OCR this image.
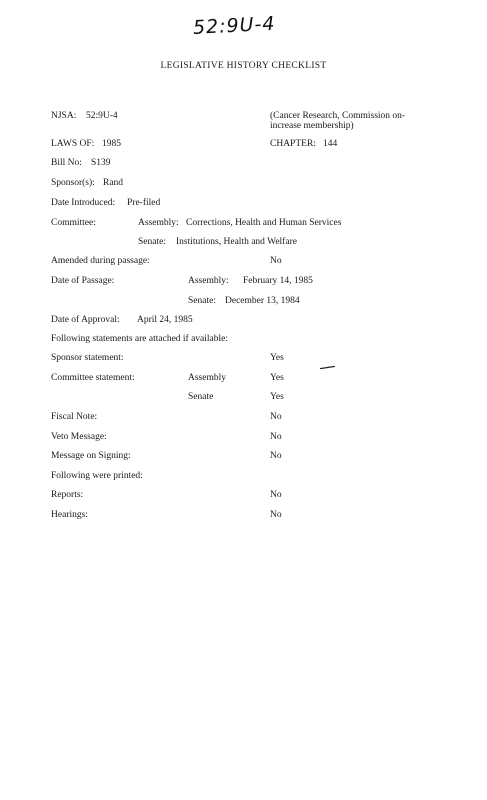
52:9U-4
LEGISLATIVE HISTORY CHECKLIST
NJSA: 52:9U-4	(Cancer Research, Commission on-
increase membership)
LAWS OF: 1985	CHAPTER: 144
Bill No: S139
Sponsor(s): Rand
Date Introduced: Pre-filed
Committee:	Assembly: Corrections, Health and Human Services
Senate: Institutions, Health and Welfare
Amended during passage:	No
Date of Passage:	Assembly: February 14, 1985
Senate: December 13, 1984
Date of Approval: April 24, 1985
Following statements are attached if available:
Sponsor statement:	Yes
Committee statement:	Assembly	Yes
Senate	Yes
Fiscal Note:	No
Veto Message:	No
Message on Signing:	No
Following were printed:
Reports:	No
Hearings:	No
